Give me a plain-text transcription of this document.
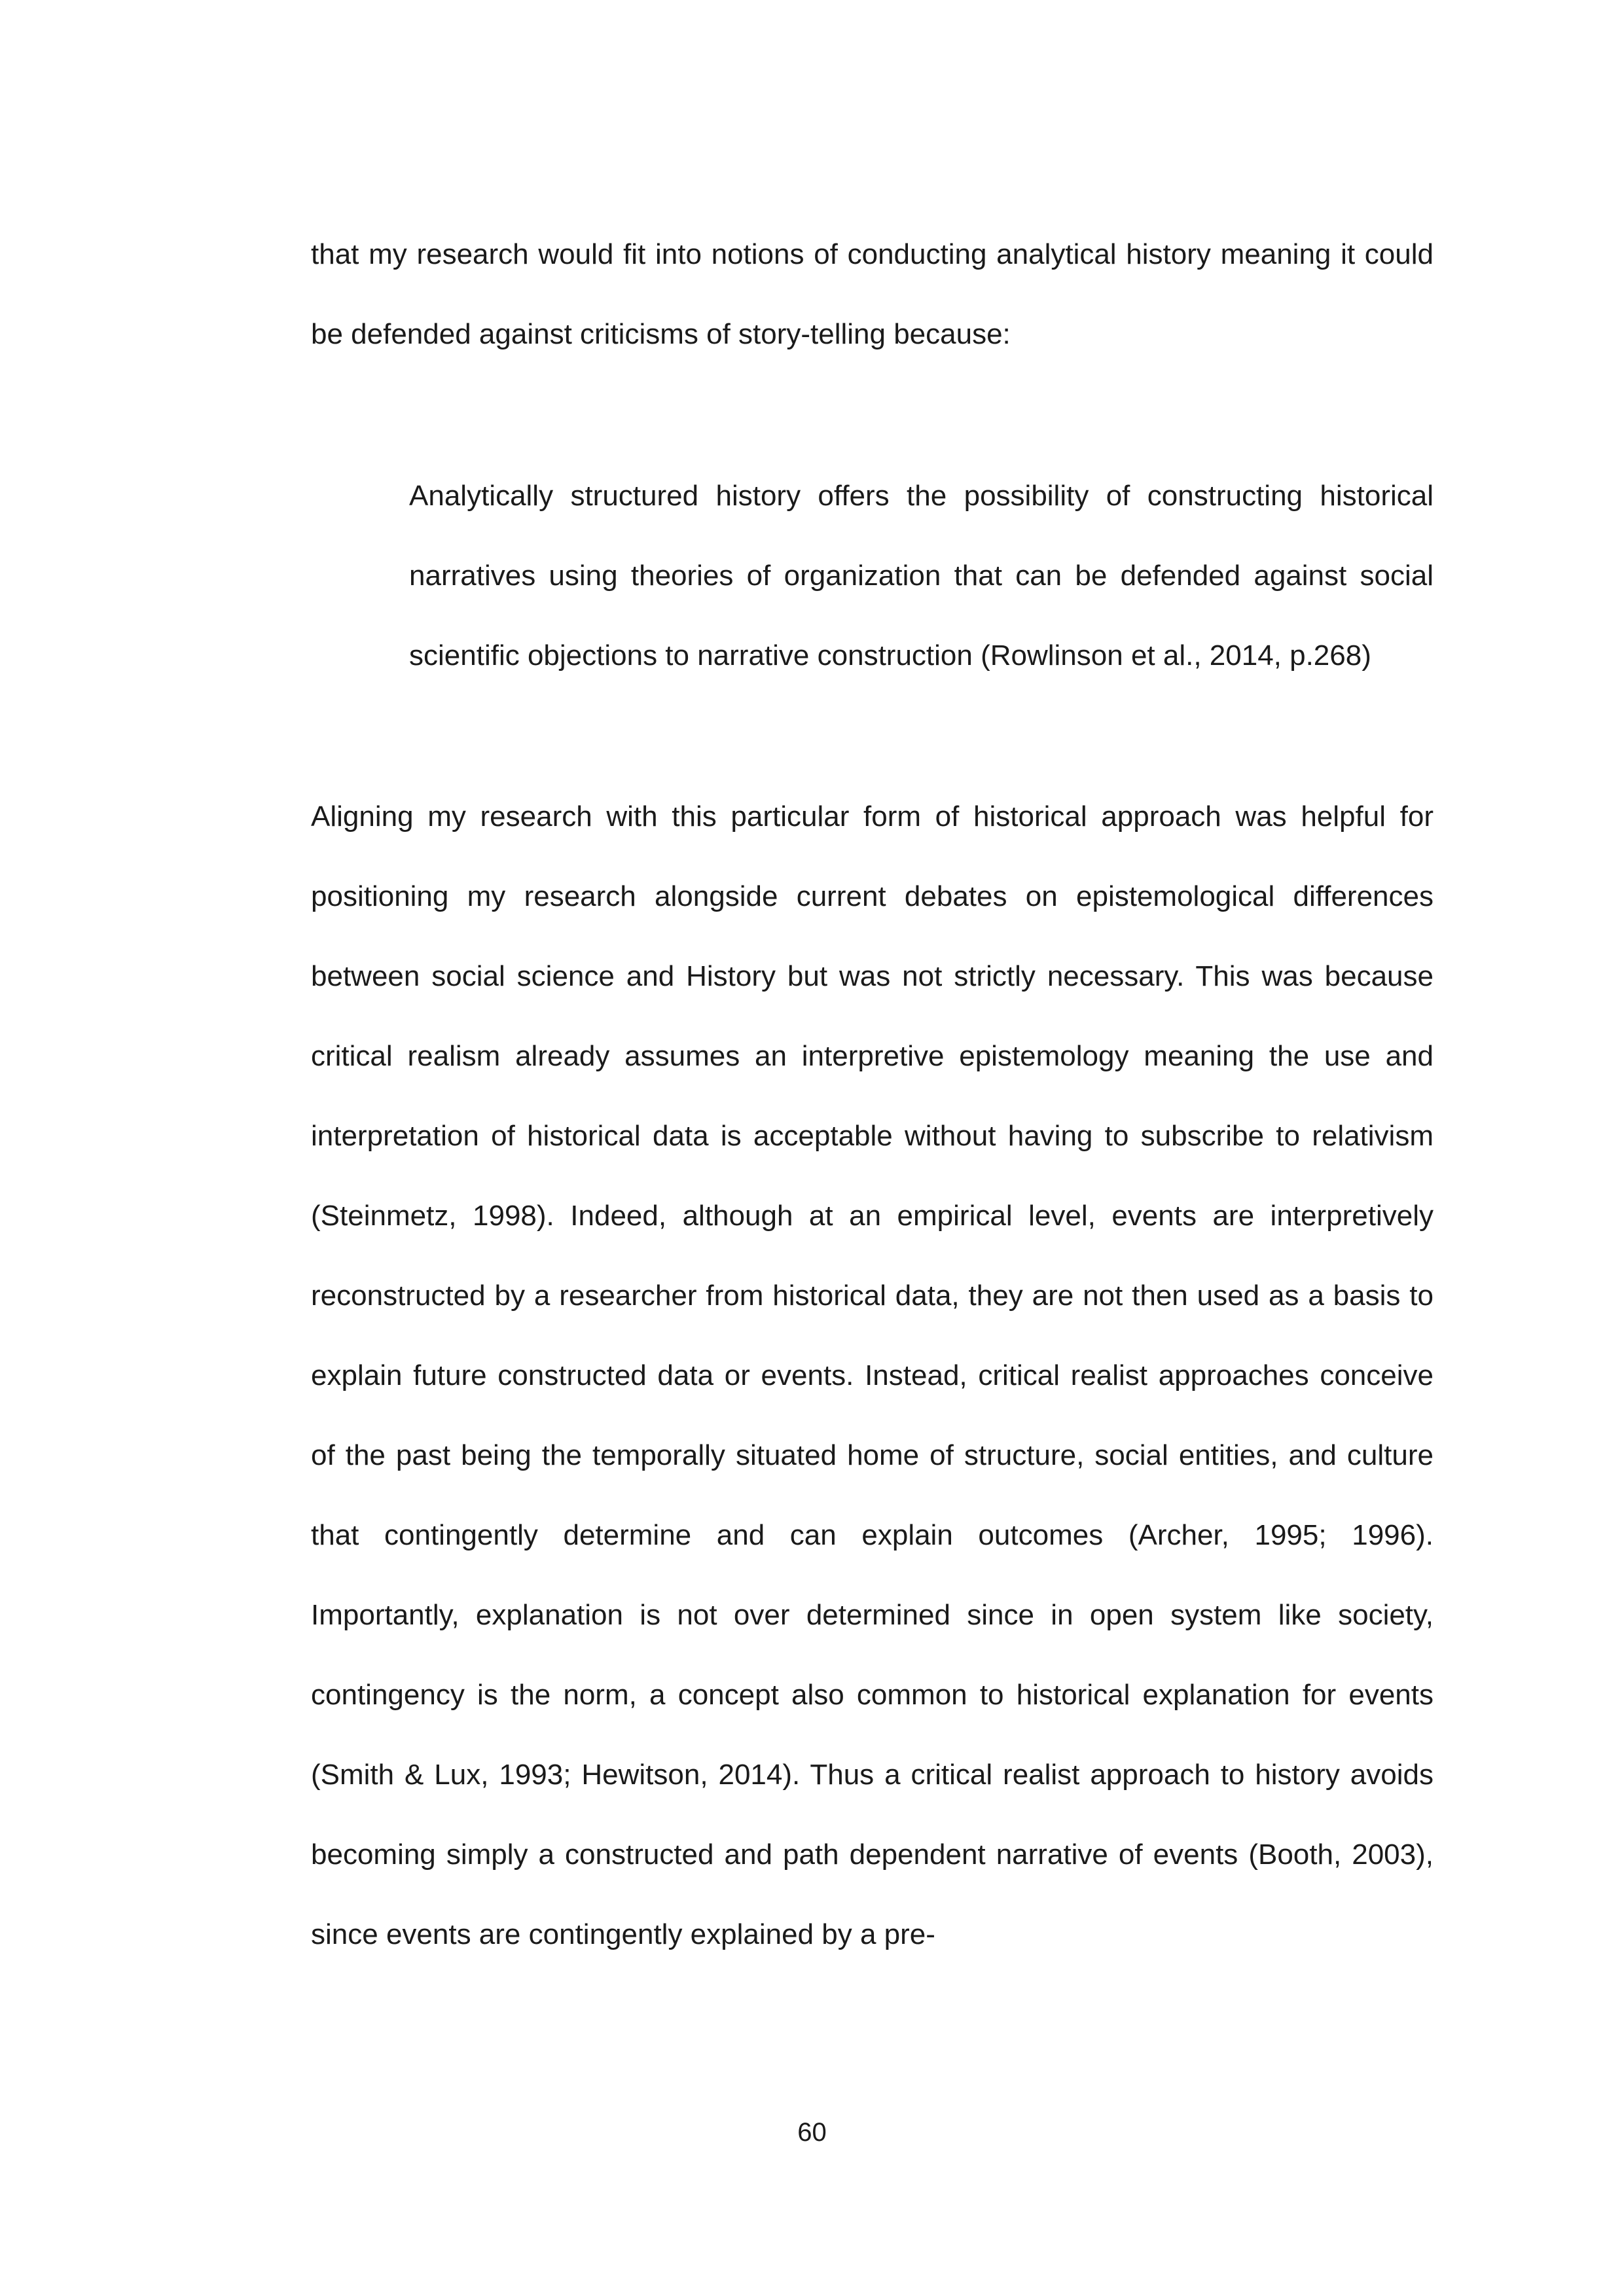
that my research would fit into notions of conducting analytical history meaning it could be defended against criticisms of story-telling because:

Analytically structured history offers the possibility of constructing historical narratives using theories of organization that can be defended against social scientific objections to narrative construction (Rowlinson et al., 2014, p.268)

Aligning my research with this particular form of historical approach was helpful for positioning my research alongside current debates on epistemological differences between social science and History but was not strictly necessary. This was because critical realism already assumes an interpretive epistemology meaning the use and interpretation of historical data is acceptable without having to subscribe to relativism (Steinmetz, 1998). Indeed, although at an empirical level, events are interpretively reconstructed by a researcher from historical data, they are not then used as a basis to explain future constructed data or events. Instead, critical realist approaches conceive of the past being the temporally situated home of structure, social entities, and culture that contingently determine and can explain outcomes (Archer, 1995; 1996). Importantly, explanation is not over determined since in open system like society, contingency is the norm, a concept also common to historical explanation for events (Smith & Lux, 1993; Hewitson, 2014). Thus a critical realist approach to history avoids becoming simply a constructed and path dependent narrative of events (Booth, 2003), since events are contingently explained by a pre-

60
